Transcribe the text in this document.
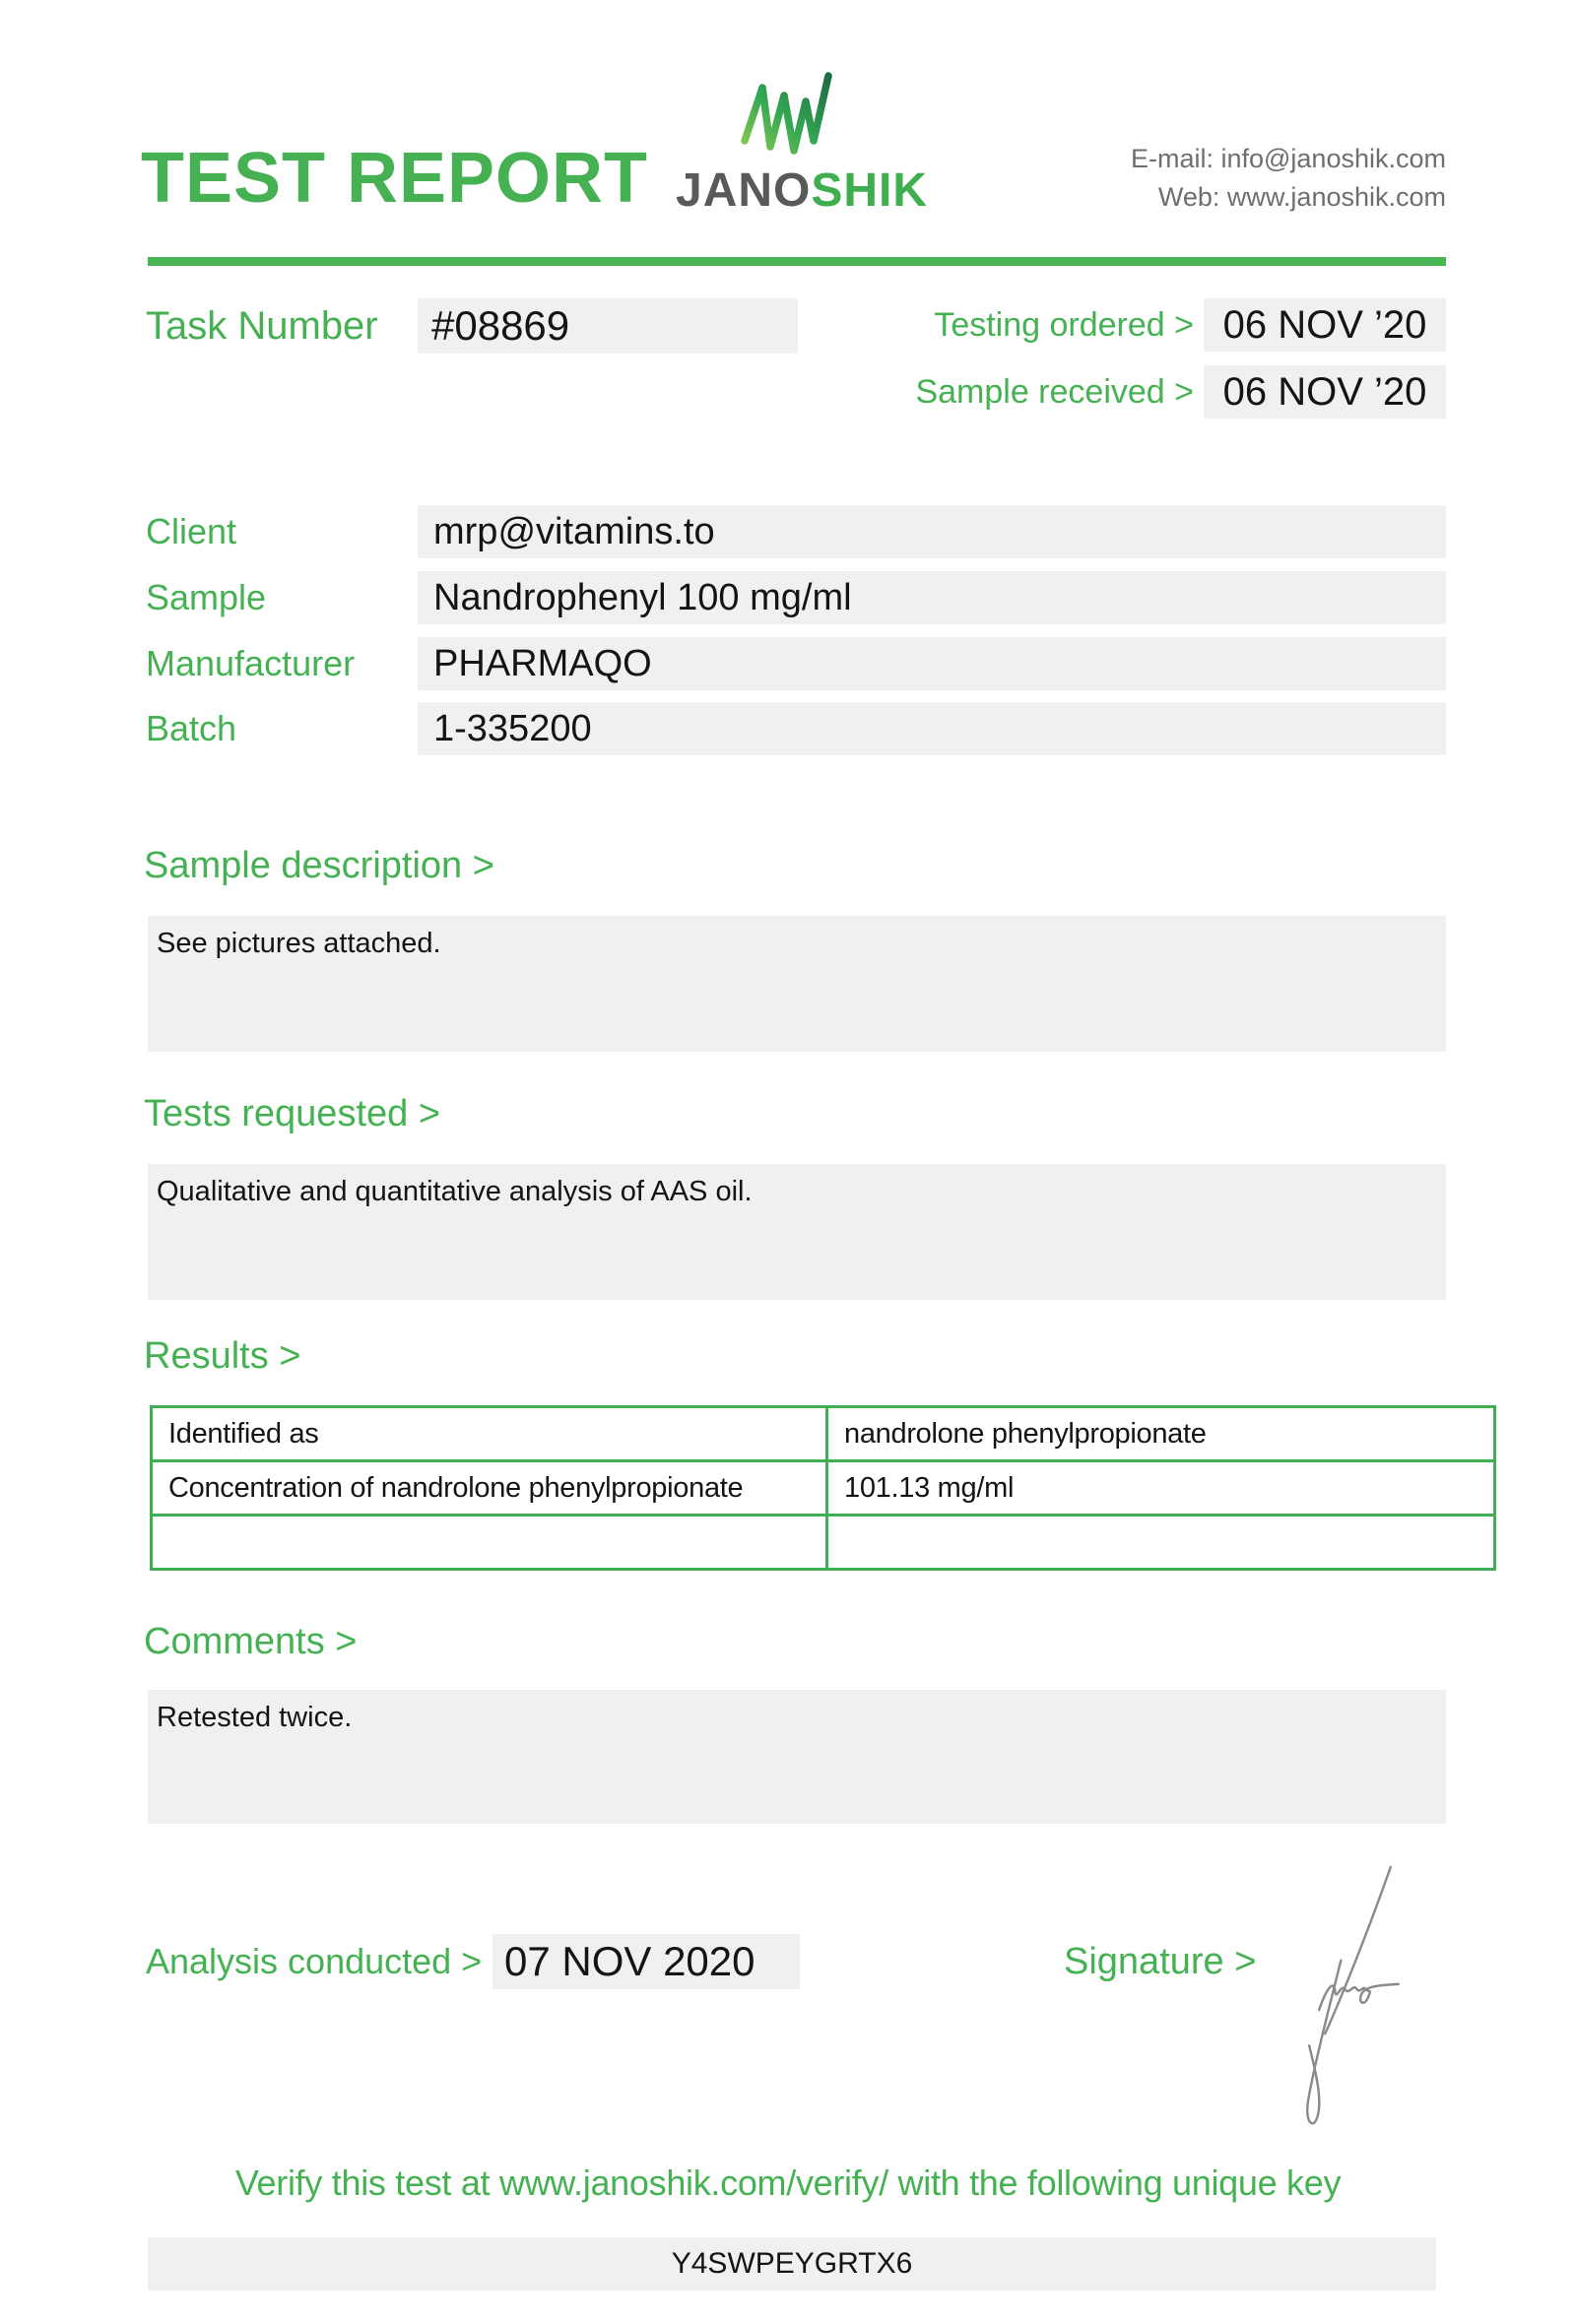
TEST REPORT JANOSHIK
E-mail: info@janoshik.com
Web: www.janoshik.com
Task Number	#08869	Testing ordered > 06 NOV ’20
Sample received > 06 NOV ’20
Client	mrp@vitamins.to
Sample	Nandrophenyl 100 mg/ml
Manufacturer	PHARMAQO
Batch	1-335200
Sample description >
See pictures attached.
Tests requested >
Qualitative and quantitative analysis of AAS oil.
Results >
Identified as	nandrolone phenylpropionate
Concentration of nandrolone phenylpropionate	101.13 mg/ml

Comments >
Retested twice.
Analysis conducted > 07 NOV 2020	Signature >
Verify this test at www.janoshik.com/verify/ with the following unique key
Y4SWPEYGRTX6
